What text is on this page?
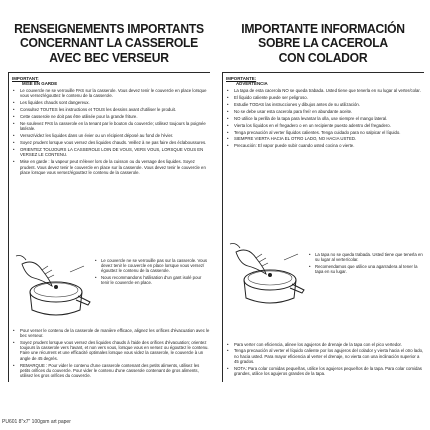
RENSEIGNEMENTS IMPORTANTS
CONCERNANT LA CASSEROLE
AVEC BEC VERSEUR
IMPORTANT:
MISE EN GARDE
• Le couvercle ne se verrouille PAS sur la casserole. Vous devez tenir le couvercle en place lorsque vous versez/égouttez le contenu de la casserole.
• Les liquides chauds sont dangereux.
• Consultez TOUTES les instructions et TOUS les dessins avant d'utiliser le produit.
• Cette casserole ne doit pas être utilisée pour la grande friture.
• Ne soulevez PAS la casserole en la tenant par le bouton du couvercle; utilisez toujours la poignée latérale.
• Versez/videz les liquides dans un évier ou un récipient déposé au fond de l'évier.
• Soyez prudent lorsque vous versez des liquides chauds. Veillez à ne pas faire des éclaboussures.
• ORIENTEZ TOUJOURS LA CASSEROLE LOIN DE VOUS, VERS VOUS, LORSQUE VOUS EN VERSEZ LE CONTENU.
• Mise en garde : la vapeur peut s'élever lors de la cuisson ou du versage des liquides. Soyez prudent. Vous devez tenir le couvercle en place sur la casserole. Vous devez tenir le couvercle en place lorsque vous versez/égouttez le contenu de la casserole.
• Le couvercle ne se verrouille pas sur la casserole. Vous devez tenir le couvercle en place lorsque vous versez/égouttez le contenu de la casserole.
• Nous recommandons l'utilisation d'un gant isolé pour tenir le couvercle en place.
• Pour verser le contenu de la casserole de manière efficace, alignez les orifices d'évacuation avec le bec verseur.
• Soyez prudent lorsque vous versez des liquides chauds à l'aide des orifices d'évacuation; orientez toujours la casserole vers l'avant, et non vers vous, lorsque vous en versez ou égouttez le contenu. Faire une récurrent et une efficacité optimales lorsque vous videz la casserole, le couvercle à un angle de 45 degrés.
• REMARQUE : Pour vider le contenu d'une casserole contenant des petits aliments, utilisez les petits orifices du couvercle. Pour vider le contenu d'une casserole contenant de gros aliments, utilisez les gros orifices du couvercle.
IMPORTANTE INFORMACIÓN
SOBRE LA CACEROLA
CON COLADOR
IMPORTANTE:
ADVERTENCIA
• La tapa de esta cacerola NO se queda trabada. Usted tiene que tenerla en su lugar al verter/colar.
• El líquido caliente puede ser peligroso.
• Estudie TODAS las instrucciones y dibujos antes de su utilización.
• No se debe usar esta cacerola para freír en abundante aceite.
• NO utilice la perilla de la tapa para levantar la olla, use siempre el mango lateral.
• Vierta los líquidos en el fregadero o en un recipiente puesto adentro del fregadero.
• Tenga precaución al verter líquidos calientes. Tenga cuidado para no salpicar el líquido.
• SIEMPRE VIERTA HACIA EL OTRO LADO, NO HACIA USTED.
• Precaución: El vapor puede subir cuando usted cocina o vierte.
• La tapa no se queda trabada. Usted tiene que tenerla en su lugar al verter/colar.
• Recomendamos que utilice una agarradera al tener la tapa en su lugar.
• Para verter con eficiencia, alinee los agujeros de drenaje de la tapa con el pico vertedor.
• Tenga precaución al verter el líquido caliente por los agujeros del colador y vierta hacia el otro lado, no hacia usted. Para mayor eficiencia al verter el drenaje, no vierta con una inclinación superior a 45 grados.
• NOTA: Para colar comidas pequeñas, utilice los agujeros pequeños de la tapa. Para colar comidas grandes, utilice los agujeros grandes de la tapa.
PU601 8"x7" 100gsm art paper
